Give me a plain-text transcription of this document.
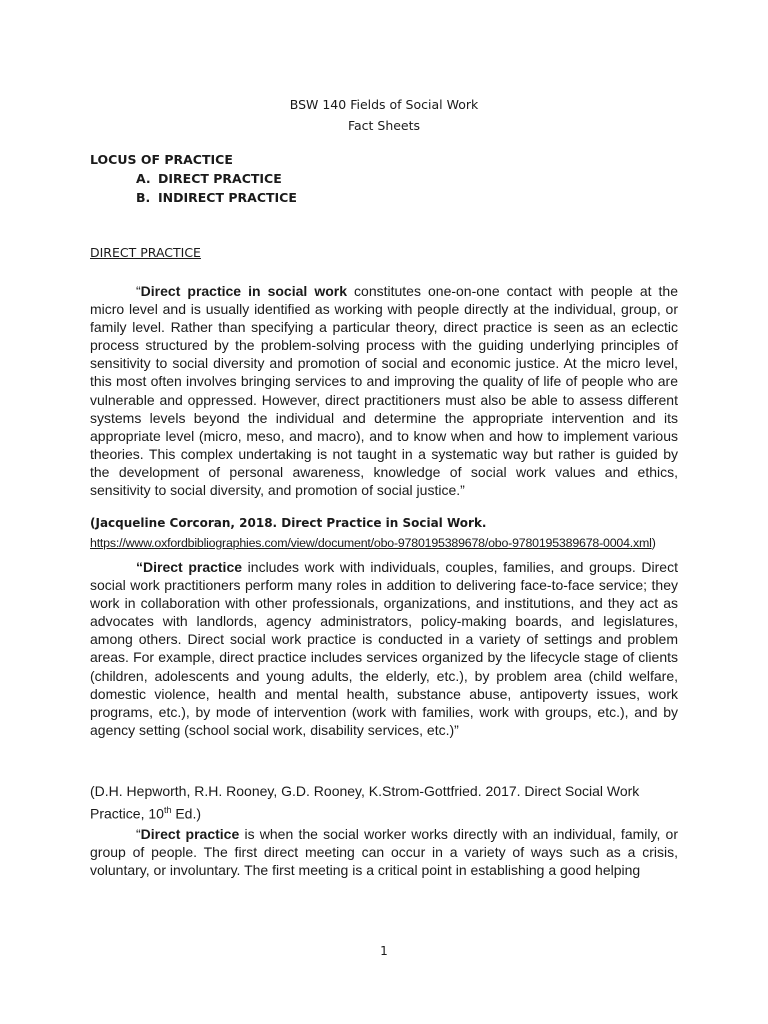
BSW 140 Fields of Social Work
Fact Sheets
LOCUS OF PRACTICE
A. DIRECT PRACTICE
B. INDIRECT PRACTICE
DIRECT PRACTICE

“Direct practice in social work constitutes one-on-one contact with people at the micro level and is usually identified as working with people directly at the individual, group, or family level. Rather than specifying a particular theory, direct practice is seen as an eclectic process structured by the problem-solving process with the guiding underlying principles of sensitivity to social diversity and promotion of social and economic justice. At the micro level, this most often involves bringing services to and improving the quality of life of people who are vulnerable and oppressed. However, direct practitioners must also be able to assess different systems levels beyond the individual and determine the appropriate intervention and its appropriate level (micro, meso, and macro), and to know when and how to implement various theories. This complex undertaking is not taught in a systematic way but rather is guided by the development of personal awareness, knowledge of social work values and ethics, sensitivity to social diversity, and promotion of social justice.”

(Jacqueline Corcoran, 2018. Direct Practice in Social Work.
https://www.oxfordbibliographies.com/view/document/obo-9780195389678/obo-9780195389678-0004.xml)

“Direct practice includes work with individuals, couples, families, and groups. Direct social work practitioners perform many roles in addition to delivering face-to-face service; they work in collaboration with other professionals, organizations, and institutions, and they act as advocates with landlords, agency administrators, policy-making boards, and legislatures, among others. Direct social work practice is conducted in a variety of settings and problem areas. For example, direct practice includes services organized by the lifecycle stage of clients (children, adolescents and young adults, the elderly, etc.), by problem area (child welfare, domestic violence, health and mental health, substance abuse, antipoverty issues, work programs, etc.), by mode of intervention (work with families, work with groups, etc.), and by agency setting (school social work, disability services, etc.)”

(D.H. Hepworth, R.H. Rooney, G.D. Rooney, K.Strom-Gottfried. 2017. Direct Social Work Practice, 10th Ed.)

“Direct practice is when the social worker works directly with an individual, family, or group of people. The first direct meeting can occur in a variety of ways such as a crisis, voluntary, or involuntary. The first meeting is a critical point in establishing a good helping

1
